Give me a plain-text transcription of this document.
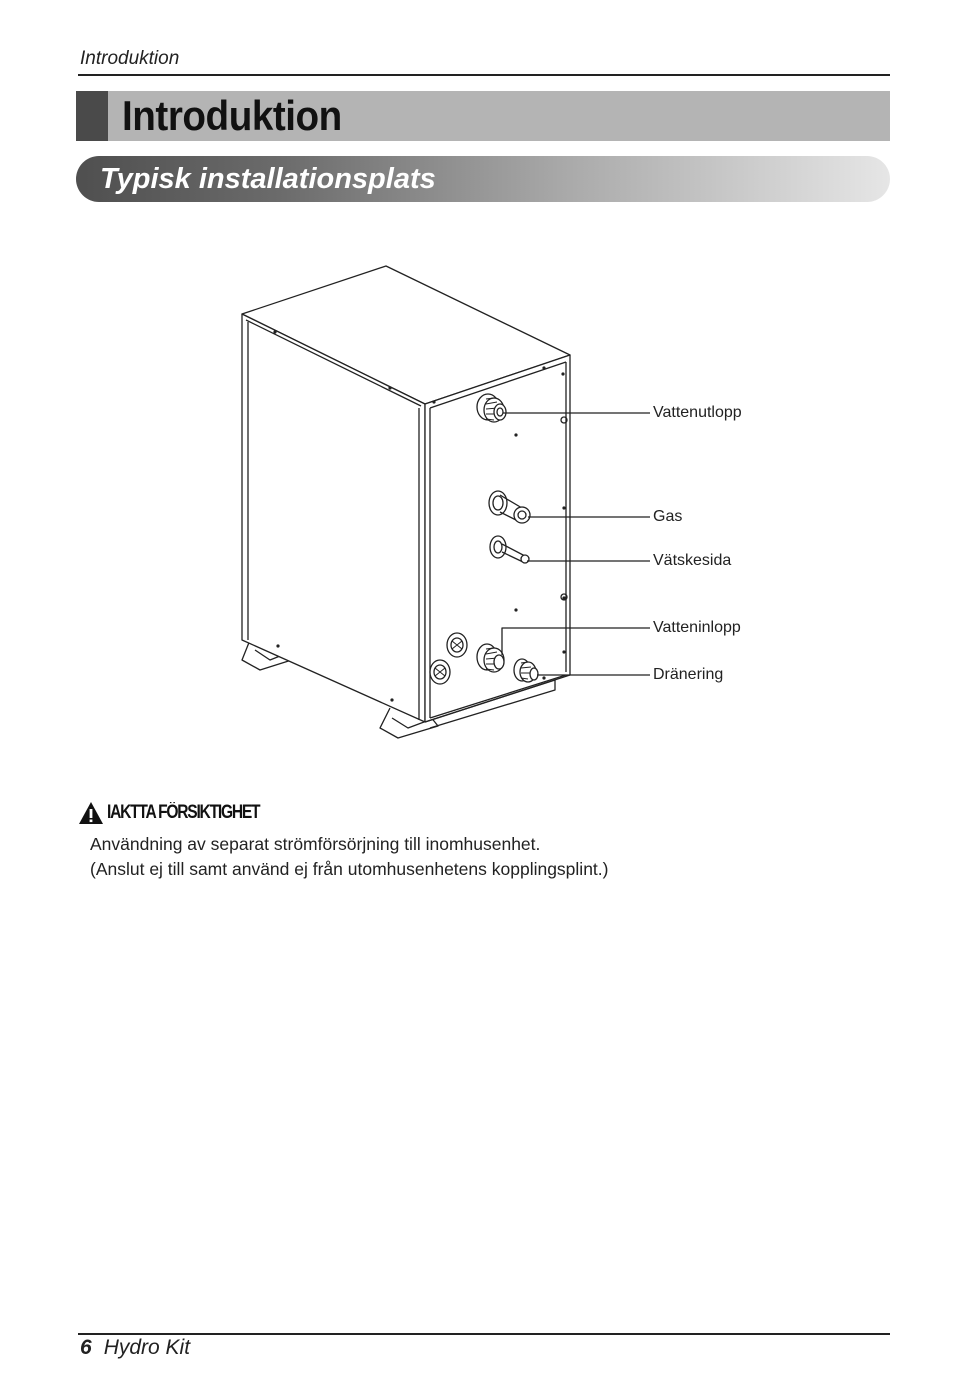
Introduktion
Introduktion
Typisk installationsplats
Vattenutlopp
Gas
Vätskesida
Vatteninlopp
Dränering
IAKTTA FÖRSIKTIGHET
Användning av separat strömförsörjning till inomhusenhet.
(Anslut ej till samt använd ej från utomhusenhetens kopplingsplint.)
6 Hydro Kit
